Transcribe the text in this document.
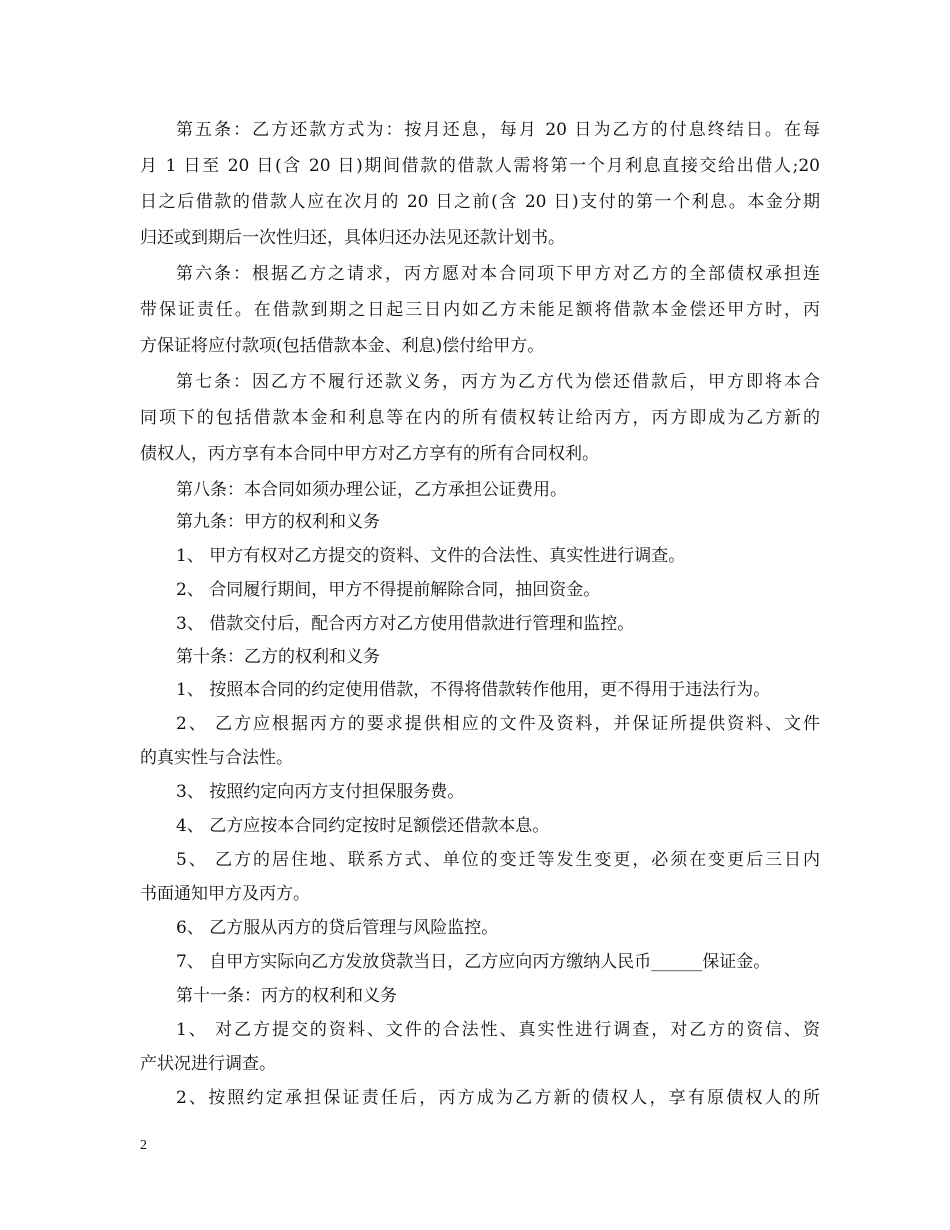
第五条：乙方还款方式为：按月还息，每月 20 日为乙方的付息终结日。在每
月 1 日至 20 日(含 20 日)期间借款的借款人需将第一个月利息直接交给出借人;20
日之后借款的借款人应在次月的 20 日之前(含 20 日)支付的第一个利息。本金分期
归还或到期后一次性归还，具体归还办法见还款计划书。
第六条：根据乙方之请求，丙方愿对本合同项下甲方对乙方的全部债权承担连
带保证责任。在借款到期之日起三日内如乙方未能足额将借款本金偿还甲方时，丙
方保证将应付款项(包括借款本金、利息)偿付给甲方。
第七条：因乙方不履行还款义务，丙方为乙方代为偿还借款后，甲方即将本合
同项下的包括借款本金和利息等在内的所有债权转让给丙方，丙方即成为乙方新的
债权人，丙方享有本合同中甲方对乙方享有的所有合同权利。
第八条：本合同如须办理公证，乙方承担公证费用。
第九条：甲方的权利和义务
1、 甲方有权对乙方提交的资料、文件的合法性、真实性进行调查。
2、 合同履行期间，甲方不得提前解除合同，抽回资金。
3、 借款交付后，配合丙方对乙方使用借款进行管理和监控。
第十条：乙方的权利和义务
1、 按照本合同的约定使用借款，不得将借款转作他用，更不得用于违法行为。
2、 乙方应根据丙方的要求提供相应的文件及资料，并保证所提供资料、文件
的真实性与合法性。
3、 按照约定向丙方支付担保服务费。
4、 乙方应按本合同约定按时足额偿还借款本息。
5、 乙方的居住地、联系方式、单位的变迁等发生变更，必须在变更后三日内
书面通知甲方及丙方。
6、 乙方服从丙方的贷后管理与风险监控。
7、 自甲方实际向乙方发放贷款当日，乙方应向丙方缴纳人民币______保证金。
第十一条：丙方的权利和义务
1、 对乙方提交的资料、文件的合法性、真实性进行调查，对乙方的资信、资
产状况进行调查。
2、按照约定承担保证责任后，丙方成为乙方新的债权人，享有原债权人的所
2
